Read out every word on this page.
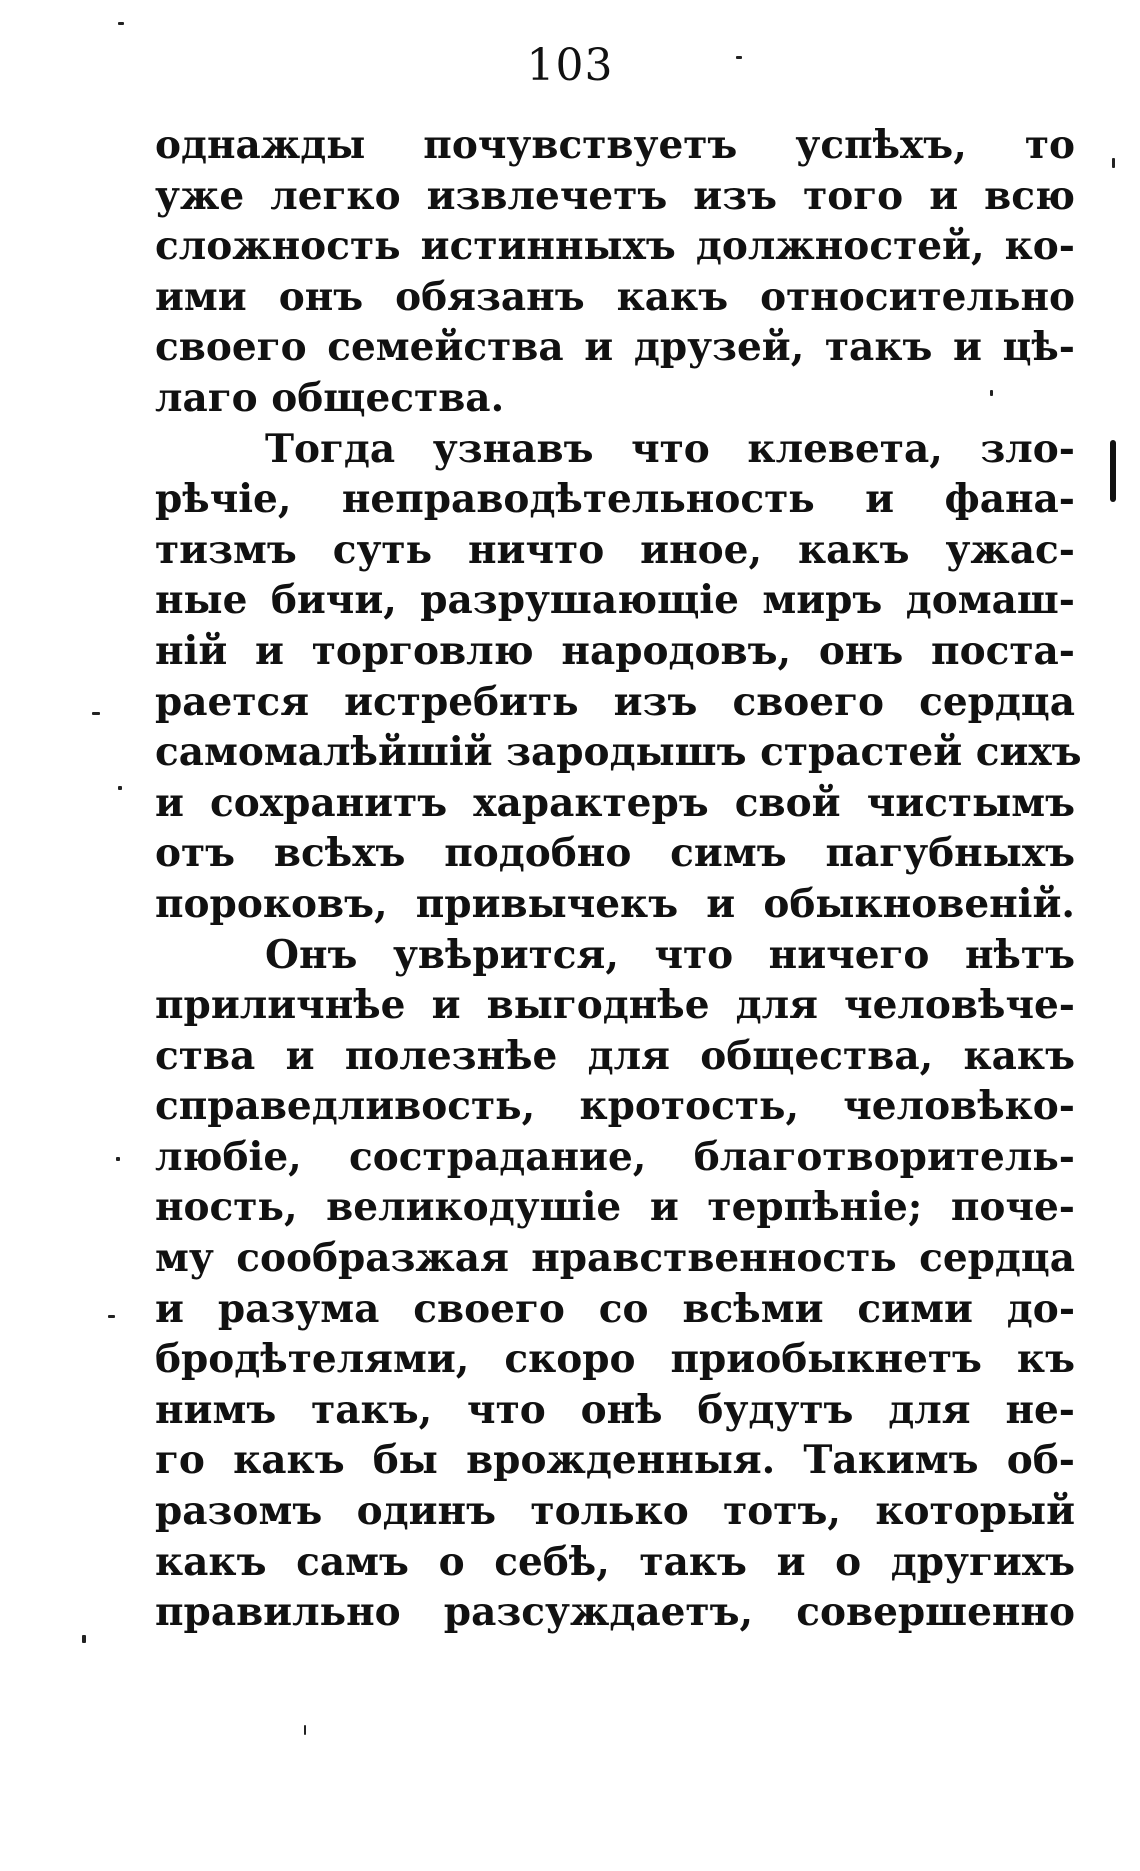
103
однажды почувствуетъ успѣхъ, то
уже легко извлечетъ изъ того и всю
сложность истинныхъ должностей, ко-
ими онъ обязанъ какъ относительно
своего семейства и друзей, такъ и цѣ-
лаго общества.
Тогда узнавъ что клевета, зло-
рѣчіе, неправодѣтельность и фана-
тизмъ суть ничто иное, какъ ужас-
ные бичи, разрушающіе миръ домаш-
ній и торговлю народовъ, онъ поста-
рается истребить изъ своего сердца
самомалѣйшій зародышъ страстей сихъ
и сохранитъ характеръ свой чистымъ
отъ всѣхъ подобно симъ пагубныхъ
пороковъ, привычекъ и обыкновеній.
Онъ увѣрится, что ничего нѣтъ
приличнѣе и выгоднѣе для человѣче-
ства и полезнѣе для общества, какъ
справедливость, кротость, человѣко-
любіе, сострадание, благотворитель-
ность, великодушіе и терпѣніе; поче-
му сообразжая нравственность сердца
и разума своего со всѣми сими до-
бродѣтелями, скоро приобыкнетъ къ
нимъ такъ, что онѣ будутъ для не-
го какъ бы врожденныя. Такимъ об-
разомъ одинъ только тотъ, который
какъ самъ о себѣ, такъ и о другихъ
правильно разсуждаетъ, совершенно
